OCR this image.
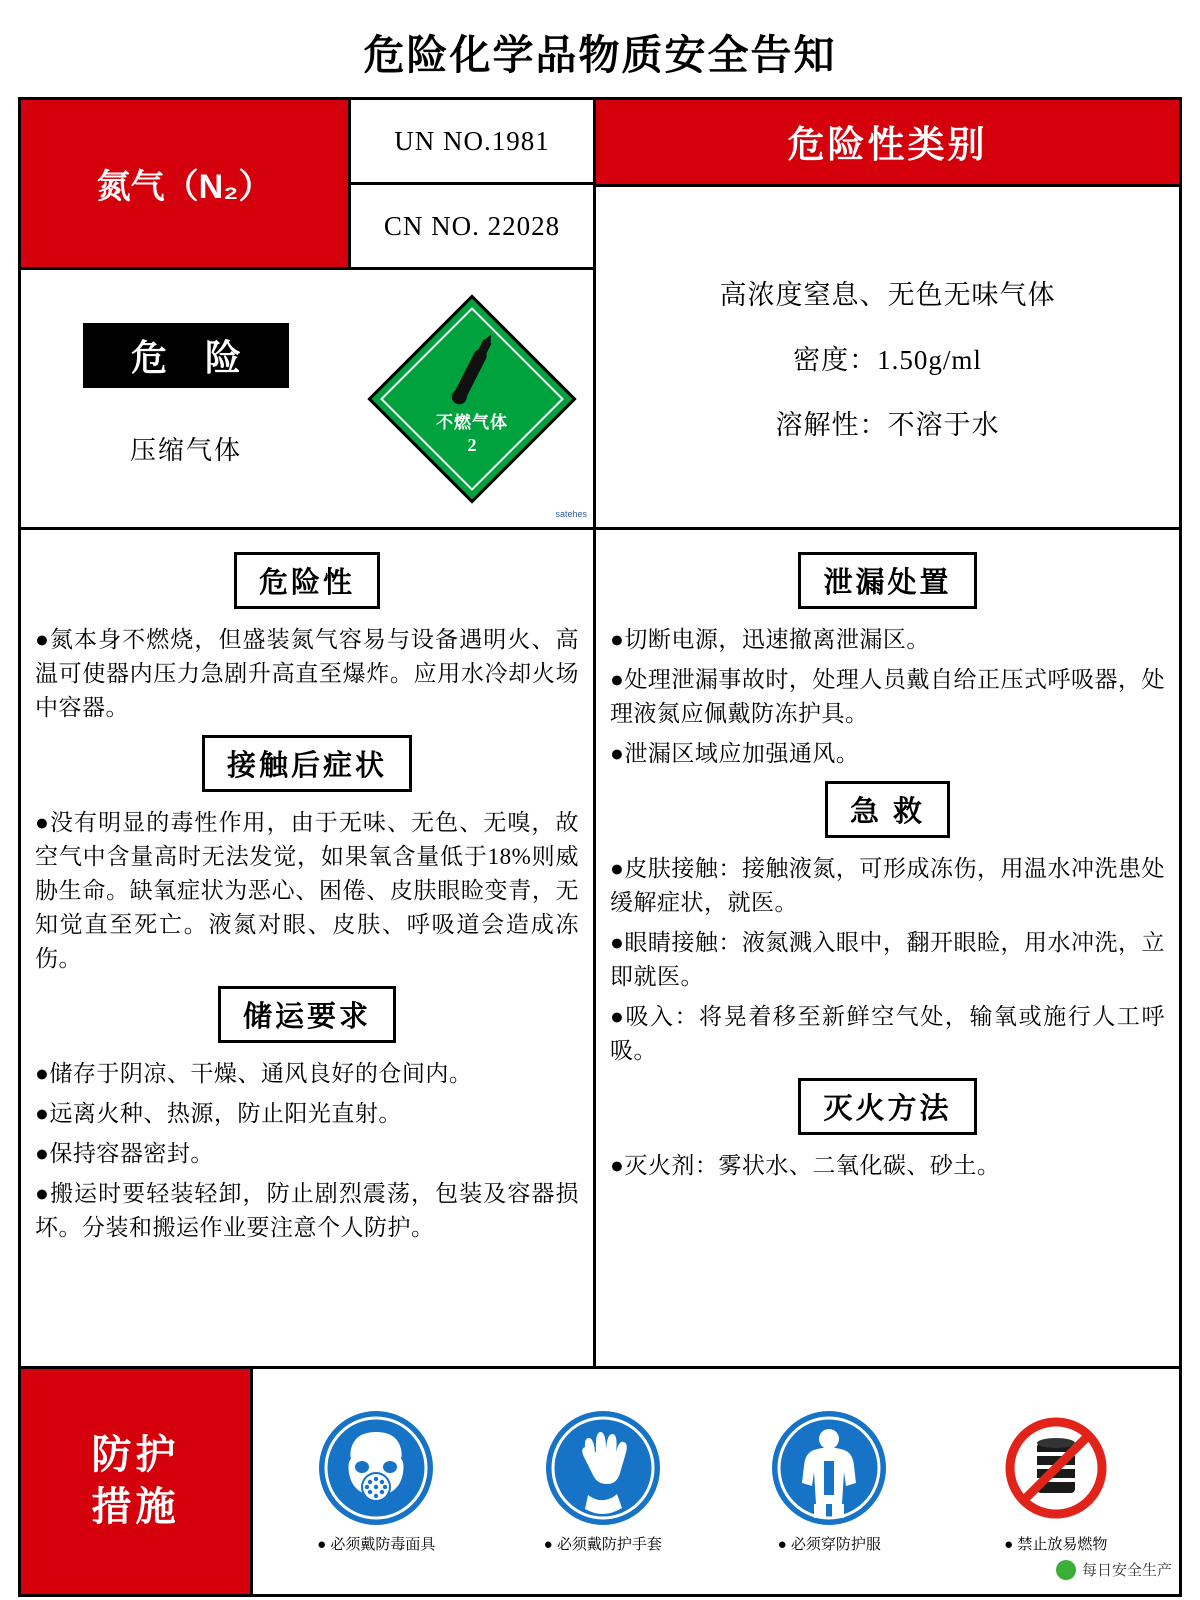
危险化学品物质安全告知
氮气（N₂）
UN NO.1981
CN NO. 22028
危 险
压缩气体
不燃气体
2
satehes
危险性类别
高浓度窒息、无色无味气体
密度：1.50g/ml
溶解性：不溶于水
危险性

●氮本身不燃烧，但盛装氮气容易与设备遇明火、高温可使器内压力急剧升高直至爆炸。应用水冷却火场中容器。

接触后症状

●没有明显的毒性作用，由于无味、无色、无嗅，故空气中含量高时无法发觉，如果氧含量低于18%则威胁生命。缺氧症状为恶心、困倦、皮肤眼睑变青，无知觉直至死亡。液氮对眼、皮肤、呼吸道会造成冻伤。

储运要求

●储存于阴凉、干燥、通风良好的仓间内。

●远离火种、热源，防止阳光直射。

●保持容器密封。

●搬运时要轻装轻卸，防止剧烈震荡，包装及容器损坏。分装和搬运作业要注意个人防护。

泄漏处置

●切断电源，迅速撤离泄漏区。

●处理泄漏事故时，处理人员戴自给正压式呼吸器，处理液氮应佩戴防冻护具。

●泄漏区域应加强通风。

急 救

●皮肤接触：接触液氮，可形成冻伤，用温水冲洗患处缓解症状，就医。

●眼睛接触：液氮溅入眼中，翻开眼睑，用水冲洗，立即就医。

●吸入：将晃着移至新鲜空气处，输氧或施行人工呼吸。

灭火方法

●灭火剂：雾状水、二氧化碳、砂土。

防护
措施
● 必须戴防毒面具	● 必须戴防护手套	● 必须穿防护服	● 禁止放易燃物
每日安全生产
